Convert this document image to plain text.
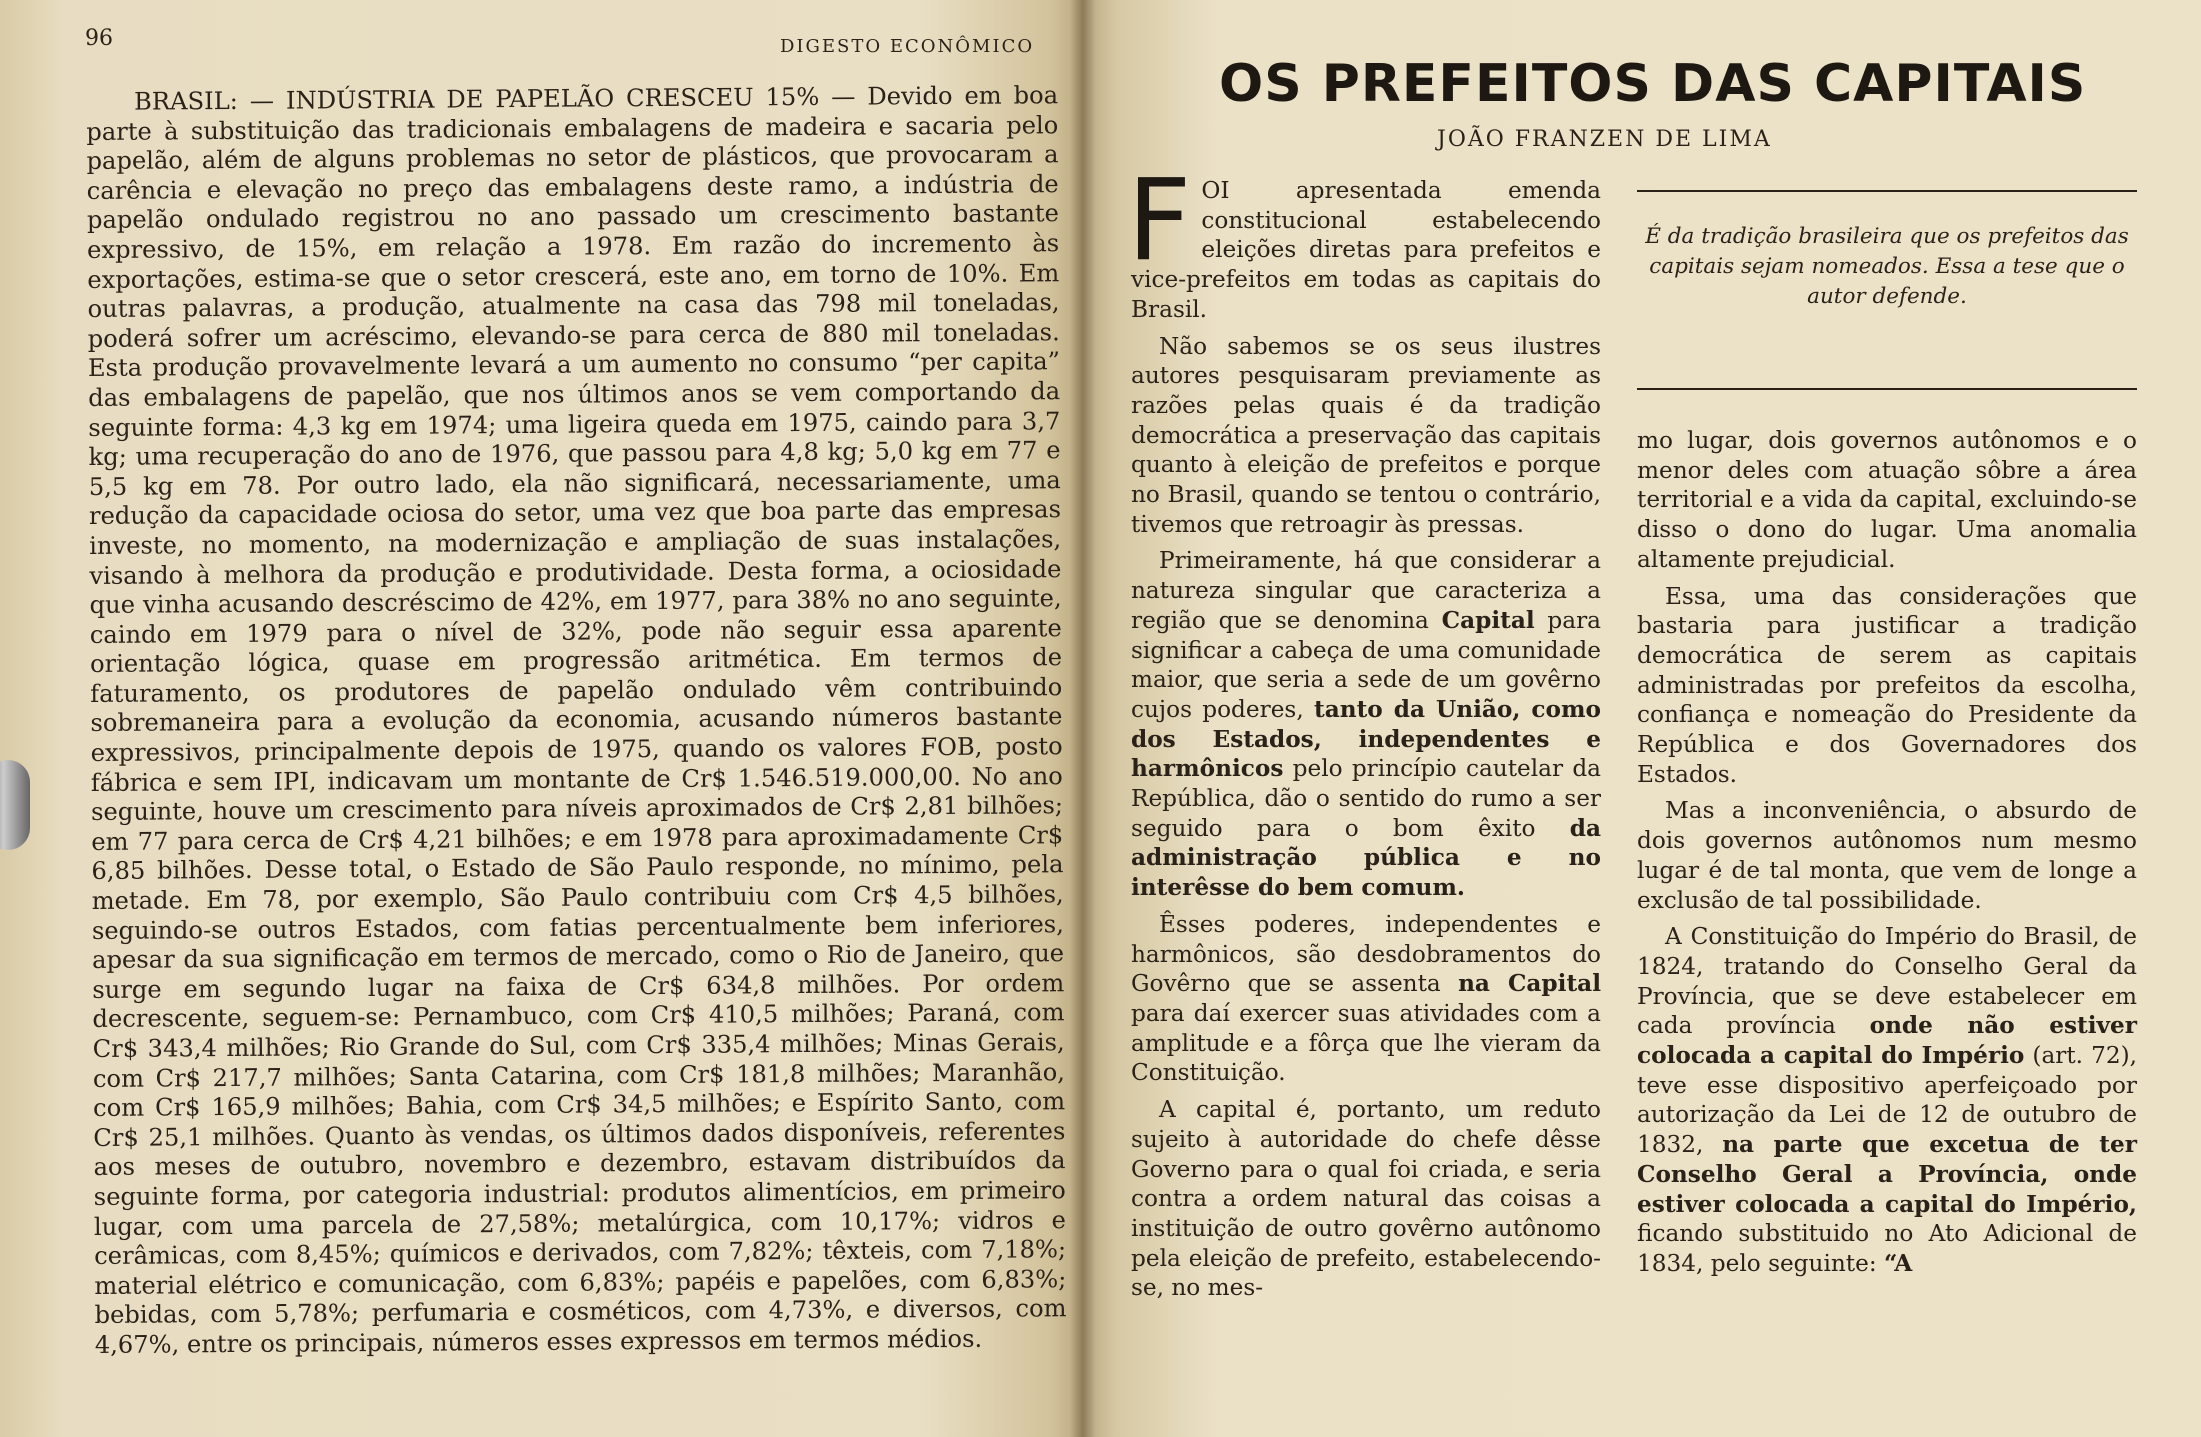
96	DIGESTO ECONÔMICO

BRASIL: — INDÚSTRIA DE PAPELÃO CRESCEU 15% — Devido em boa parte à substituição das tradicionais embalagens de madeira e sacaria pelo papelão, além de alguns problemas no setor de plásticos, que provocaram a carência e elevação no preço das embalagens deste ramo, a indústria de papelão ondulado registrou no ano passado um crescimento bastante expressivo, de 15%, em relação a 1978. Em razão do incremento às exportações, estima-se que o setor crescerá, este ano, em torno de 10%. Em outras palavras, a produção, atualmente na casa das 798 mil toneladas, poderá sofrer um acréscimo, elevando-se para cerca de 880 mil toneladas. Esta produção provavelmente levará a um aumento no consumo “per capita” das embalagens de papelão, que nos últimos anos se vem comportando da seguinte forma: 4,3 kg em 1974; uma ligeira queda em 1975, caindo para 3,7 kg; uma recuperação do ano de 1976, que passou para 4,8 kg; 5,0 kg em 77 e 5,5 kg em 78. Por outro lado, ela não significará, necessariamente, uma redução da capacidade ociosa do setor, uma vez que boa parte das empresas investe, no momento, na modernização e ampliação de suas instalações, visando à melhora da produção e produtividade. Desta forma, a ociosidade que vinha acusando descréscimo de 42%, em 1977, para 38% no ano seguinte, caindo em 1979 para o nível de 32%, pode não seguir essa aparente orientação lógica, quase em progressão aritmética. Em termos de faturamento, os produtores de papelão ondulado vêm contribuindo sobremaneira para a evolução da economia, acusando números bastante expressivos, principalmente depois de 1975, quando os valores FOB, posto fábrica e sem IPI, indicavam um montante de Cr$ 1.546.519.000,00. No ano seguinte, houve um crescimento para níveis aproximados de Cr$ 2,81 bilhões; em 77 para cerca de Cr$ 4,21 bilhões; e em 1978 para aproximadamente Cr$ 6,85 bilhões. Desse total, o Estado de São Paulo responde, no mínimo, pela metade. Em 78, por exemplo, São Paulo contribuiu com Cr$ 4,5 bilhões, seguindo-se outros Estados, com fatias percentualmente bem inferiores, apesar da sua significação em termos de mercado, como o Rio de Janeiro, que surge em segundo lugar na faixa de Cr$ 634,8 milhões. Por ordem decrescente, seguem-se: Pernambuco, com Cr$ 410,5 milhões; Paraná, com Cr$ 343,4 milhões; Rio Grande do Sul, com Cr$ 335,4 milhões; Minas Gerais, com Cr$ 217,7 milhões; Santa Catarina, com Cr$ 181,8 milhões; Maranhão, com Cr$ 165,9 milhões; Bahia, com Cr$ 34,5 milhões; e Espírito Santo, com Cr$ 25,1 milhões. Quanto às vendas, os últimos dados disponíveis, referentes aos meses de outubro, novembro e dezembro, estavam distribuídos da seguinte forma, por categoria industrial: produtos alimentícios, em primeiro lugar, com uma parcela de 27,58%; metalúrgica, com 10,17%; vidros e cerâmicas, com 8,45%; químicos e derivados, com 7,82%; têxteis, com 7,18%; material elétrico e comunicação, com 6,83%; papéis e papelões, com 6,83%; bebidas, com 5,78%; perfumaria e cosméticos, com 4,73%, e diversos, com 4,67%, entre os principais, números esses expressos em termos médios.

OS PREFEITOS DAS CAPITAIS
JOÃO FRANZEN DE LIMA

FOI apresentada emenda constitucional estabelecendo eleições diretas para prefeitos e vice-prefeitos em todas as capitais do Brasil.

Não sabemos se os seus ilustres autores pesquisaram previamente as razões pelas quais é da tradição democrática a preservação das capitais quanto à eleição de prefeitos e porque no Brasil, quando se tentou o contrário, tivemos que retroagir às pressas.

Primeiramente, há que considerar a natureza singular que caracteriza a região que se denomina Capital para significar a cabeça de uma comunidade maior, que seria a sede de um govêrno cujos poderes, tanto da União, como dos Estados, independentes e harmônicos pelo princípio cautelar da República, dão o sentido do rumo a ser seguido para o bom êxito da administração pública e no interêsse do bem comum.

Êsses poderes, independentes e harmônicos, são desdobramentos do Govêrno que se assenta na Capital para daí exercer suas atividades com a amplitude e a fôrça que lhe vieram da Constituição.

A capital é, portanto, um reduto sujeito à autoridade do chefe dêsse Governo para o qual foi criada, e seria contra a ordem natural das coisas a instituição de outro govêrno autônomo pela eleição de prefeito, estabelecendo-se, no mes-

É da tradição brasileira que os prefeitos das capitais sejam nomeados. Essa a tese que o autor defende.

mo lugar, dois governos autônomos e o menor deles com atuação sôbre a área territorial e a vida da capital, excluindo-se disso o dono do lugar. Uma anomalia altamente prejudicial.

Essa, uma das considerações que bastaria para justificar a tradição democrática de serem as capitais administradas por prefeitos da escolha, confiança e nomeação do Presidente da República e dos Governadores dos Estados.

Mas a inconveniência, o absurdo de dois governos autônomos num mesmo lugar é de tal monta, que vem de longe a exclusão de tal possibilidade.

A Constituição do Império do Brasil, de 1824, tratando do Conselho Geral da Província, que se deve estabelecer em cada província onde não estiver colocada a capital do Império (art. 72), teve esse dispositivo aperfeiçoado por autorização da Lei de 12 de outubro de 1832, na parte que excetua de ter Conselho Geral a Província, onde estiver colocada a capital do Império, ficando substituido no Ato Adicional de 1834, pelo seguinte: “A
